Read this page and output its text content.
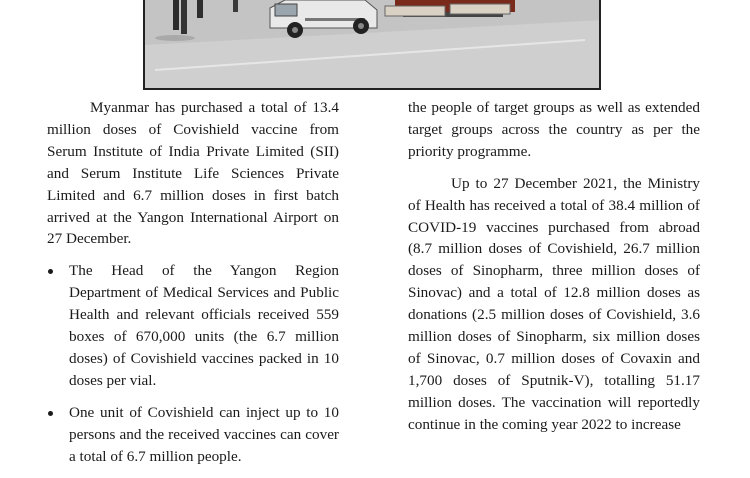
Myanmar has purchased a total of 13.4 million doses of Covishield vaccine from Serum Institute of India Private Limited (SII) and Serum Institute Life Sciences Private Limited and 6.7 million doses in first batch arrived at the Yangon International Airport on 27 December.

The Head of the Yangon Region Department of Medical Services and Public Health and relevant officials received 559 boxes of 670,000 units (the 6.7 million doses) of Covishield vaccines packed in 10 doses per vial.
One unit of Covishield can inject up to 10 persons and the received vaccines can cover a total of 6.7 million people.

the people of target groups as well as extended target groups across the country as per the priority programme.

Up to 27 December 2021, the Ministry of Health has received a total of 38.4 million of COVID-19 vaccines purchased from abroad (8.7 million doses of Covishield, 26.7 million doses of Sinopharm, three million doses of Sinovac) and a total of 12.8 million doses as donations (2.5 million doses of Covishield, 3.6 million doses of Sinopharm, six million doses of Sinovac, 0.7 million doses of Covaxin and 1,700 doses of Sputnik-V), totalling 51.17 million doses. The vaccination will reportedly continue in the coming year 2022 to increase
